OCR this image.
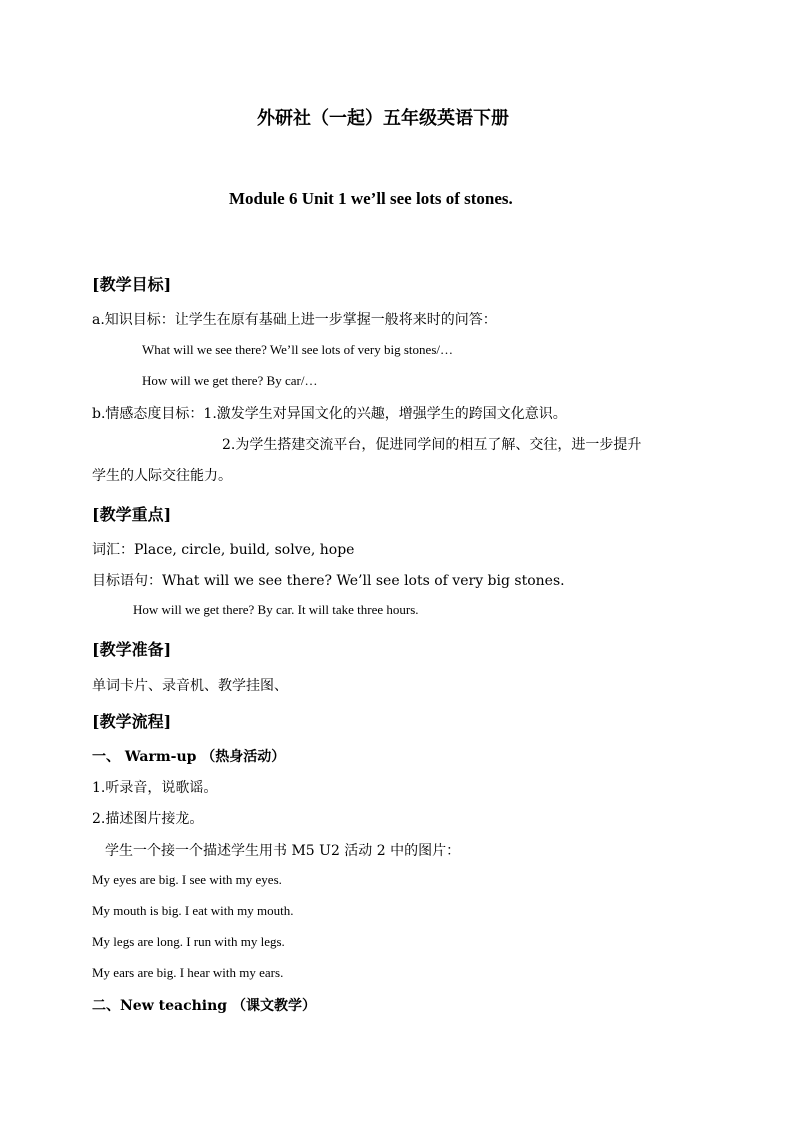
外研社（一起）五年级英语下册
Module 6 Unit 1 we’ll see lots of stones.
[教学目标]
a.知识目标：让学生在原有基础上进一步掌握一般将来时的问答：
What will we see there? We’ll see lots of very big stones/…
How will we get there? By car/…
b.情感态度目标：1.激发学生对异国文化的兴趣，增强学生的跨国文化意识。
2.为学生搭建交流平台，促进同学间的相互了解、交往，进一步提升
学生的人际交往能力。
[教学重点]
词汇：Place, circle, build, solve, hope
目标语句：What will we see there? We’ll see lots of very big stones.
How will we get there? By car. It will take three hours.
[教学准备]
单词卡片、录音机、教学挂图、
[教学流程]
一、 Warm-up （热身活动）
1.听录音，说歌谣。
2.描述图片接龙。
学生一个接一个描述学生用书 M5 U2 活动 2 中的图片：
My eyes are big. I see with my eyes.
My mouth is big. I eat with my mouth.
My legs are long. I run with my legs.
My ears are big. I hear with my ears.
二、New teaching （课文教学）
